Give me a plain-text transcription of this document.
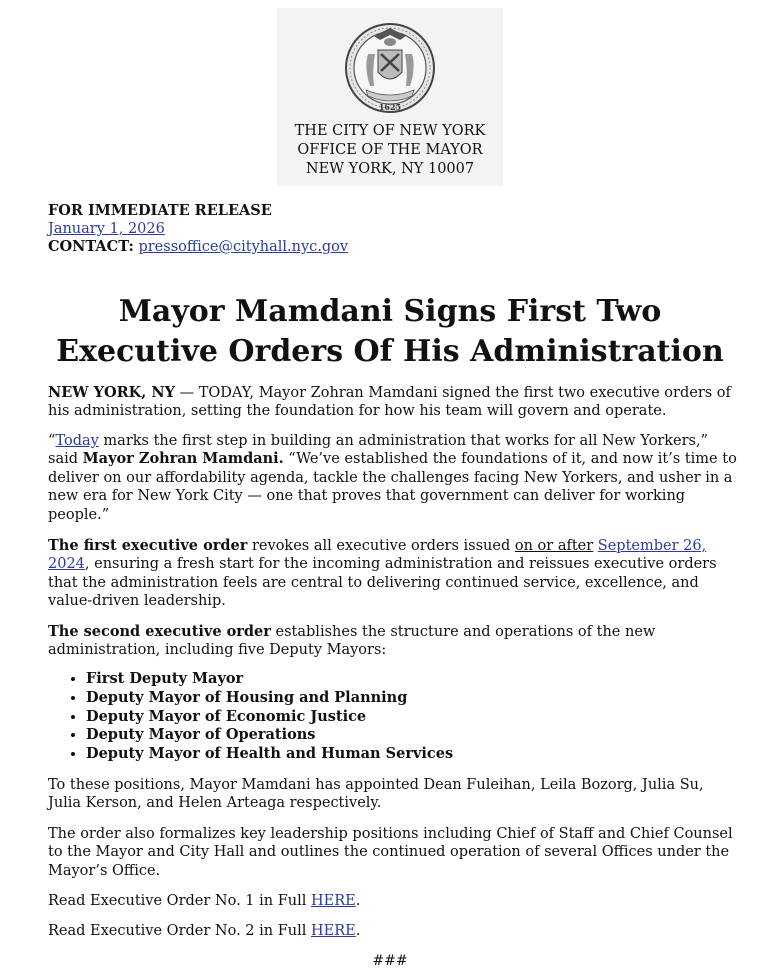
1625
THE CITY OF NEW YORK
OFFICE OF THE MAYOR
NEW YORK, NY 10007
FOR IMMEDIATE RELEASE
January 1, 2026
CONTACT: pressoffice@cityhall.nyc.gov
Mayor Mamdani Signs First Two
Executive Orders Of His Administration
NEW YORK, NY — TODAY, Mayor Zohran Mamdani signed the first two executive orders of his administration, setting the foundation for how his team will govern and operate.
“Today marks the first step in building an administration that works for all New Yorkers,” said Mayor Zohran Mamdani. “We’ve established the foundations of it, and now it’s time to deliver on our affordability agenda, tackle the challenges facing New Yorkers, and usher in a new era for New York City — one that proves that government can deliver for working people.”
The first executive order revokes all executive orders issued on or after September 26, 2024, ensuring a fresh start for the incoming administration and reissues executive orders that the administration feels are central to delivering continued service, excellence, and value-driven leadership.
The second executive order establishes the structure and operations of the new administration, including five Deputy Mayors:
• First Deputy Mayor
• Deputy Mayor of Housing and Planning
• Deputy Mayor of Economic Justice
• Deputy Mayor of Operations
• Deputy Mayor of Health and Human Services
To these positions, Mayor Mamdani has appointed Dean Fuleihan, Leila Bozorg, Julia Su, Julia Kerson, and Helen Arteaga respectively.
The order also formalizes key leadership positions including Chief of Staff and Chief Counsel to the Mayor and City Hall and outlines the continued operation of several Offices under the Mayor’s Office.
Read Executive Order No. 1 in Full HERE.
Read Executive Order No. 2 in Full HERE.
###
